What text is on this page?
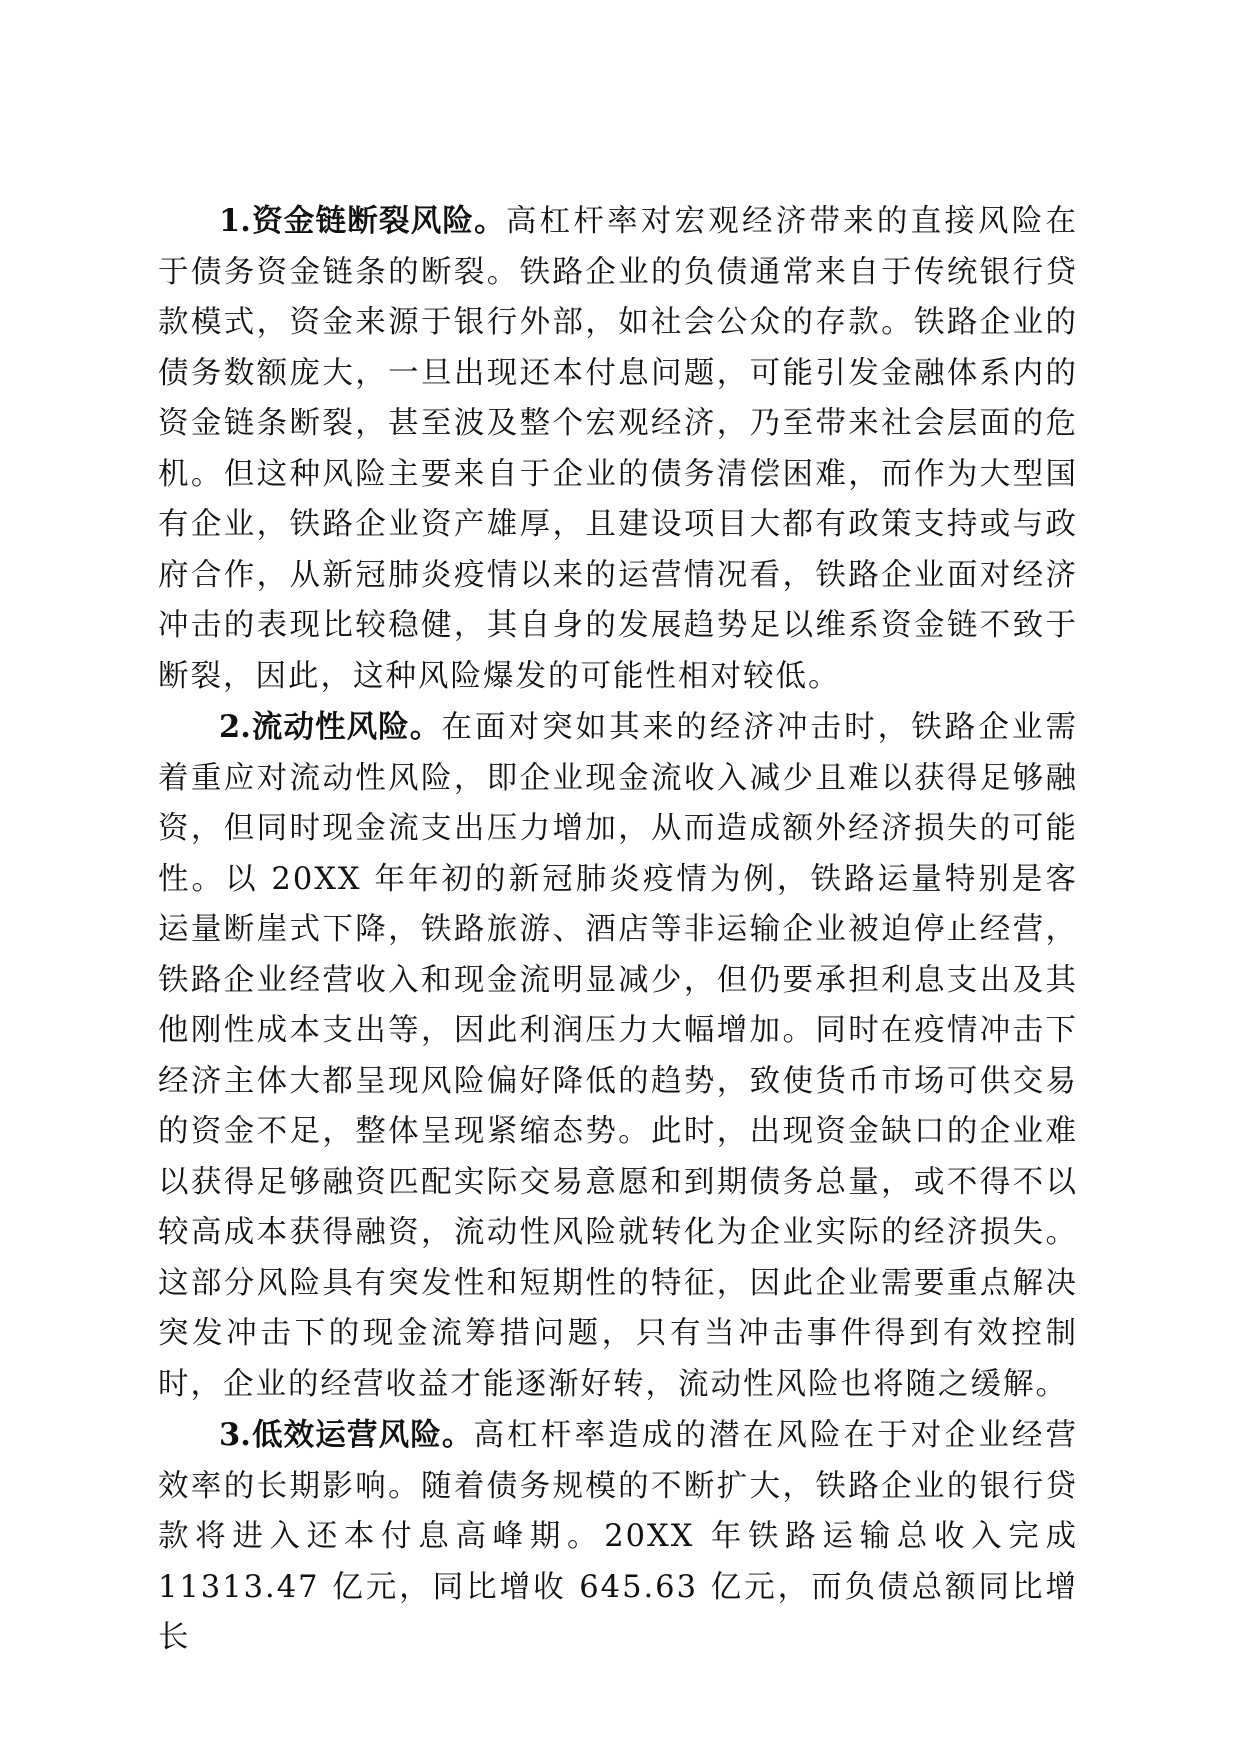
1.资金链断裂风险。高杠杆率对宏观经济带来的直接风险在于债务资金链条的断裂。铁路企业的负债通常来自于传统银行贷款模式，资金来源于银行外部，如社会公众的存款。铁路企业的债务数额庞大，一旦出现还本付息问题，可能引发金融体系内的资金链条断裂，甚至波及整个宏观经济，乃至带来社会层面的危机。但这种风险主要来自于企业的债务清偿困难，而作为大型国有企业，铁路企业资产雄厚，且建设项目大都有政策支持或与政府合作，从新冠肺炎疫情以来的运营情况看，铁路企业面对经济冲击的表现比较稳健，其自身的发展趋势足以维系资金链不致于断裂，因此，这种风险爆发的可能性相对较低。

2.流动性风险。在面对突如其来的经济冲击时，铁路企业需着重应对流动性风险，即企业现金流收入减少且难以获得足够融资，但同时现金流支出压力增加，从而造成额外经济损失的可能性。以 20XX 年年初的新冠肺炎疫情为例，铁路运量特别是客运量断崖式下降，铁路旅游、酒店等非运输企业被迫停止经营，铁路企业经营收入和现金流明显减少，但仍要承担利息支出及其他刚性成本支出等，因此利润压力大幅增加。同时在疫情冲击下经济主体大都呈现风险偏好降低的趋势，致使货币市场可供交易的资金不足，整体呈现紧缩态势。此时，出现资金缺口的企业难以获得足够融资匹配实际交易意愿和到期债务总量，或不得不以较高成本获得融资，流动性风险就转化为企业实际的经济损失。这部分风险具有突发性和短期性的特征，因此企业需要重点解决突发冲击下的现金流筹措问题，只有当冲击事件得到有效控制时，企业的经营收益才能逐渐好转，流动性风险也将随之缓解。

3.低效运营风险。高杠杆率造成的潜在风险在于对企业经营效率的长期影响。随着债务规模的不断扩大，铁路企业的银行贷款将进入还本付息高峰期。20XX 年铁路运输总收入完成 11313.47 亿元，同比增收 645.63 亿元，而负债总额同比增长
